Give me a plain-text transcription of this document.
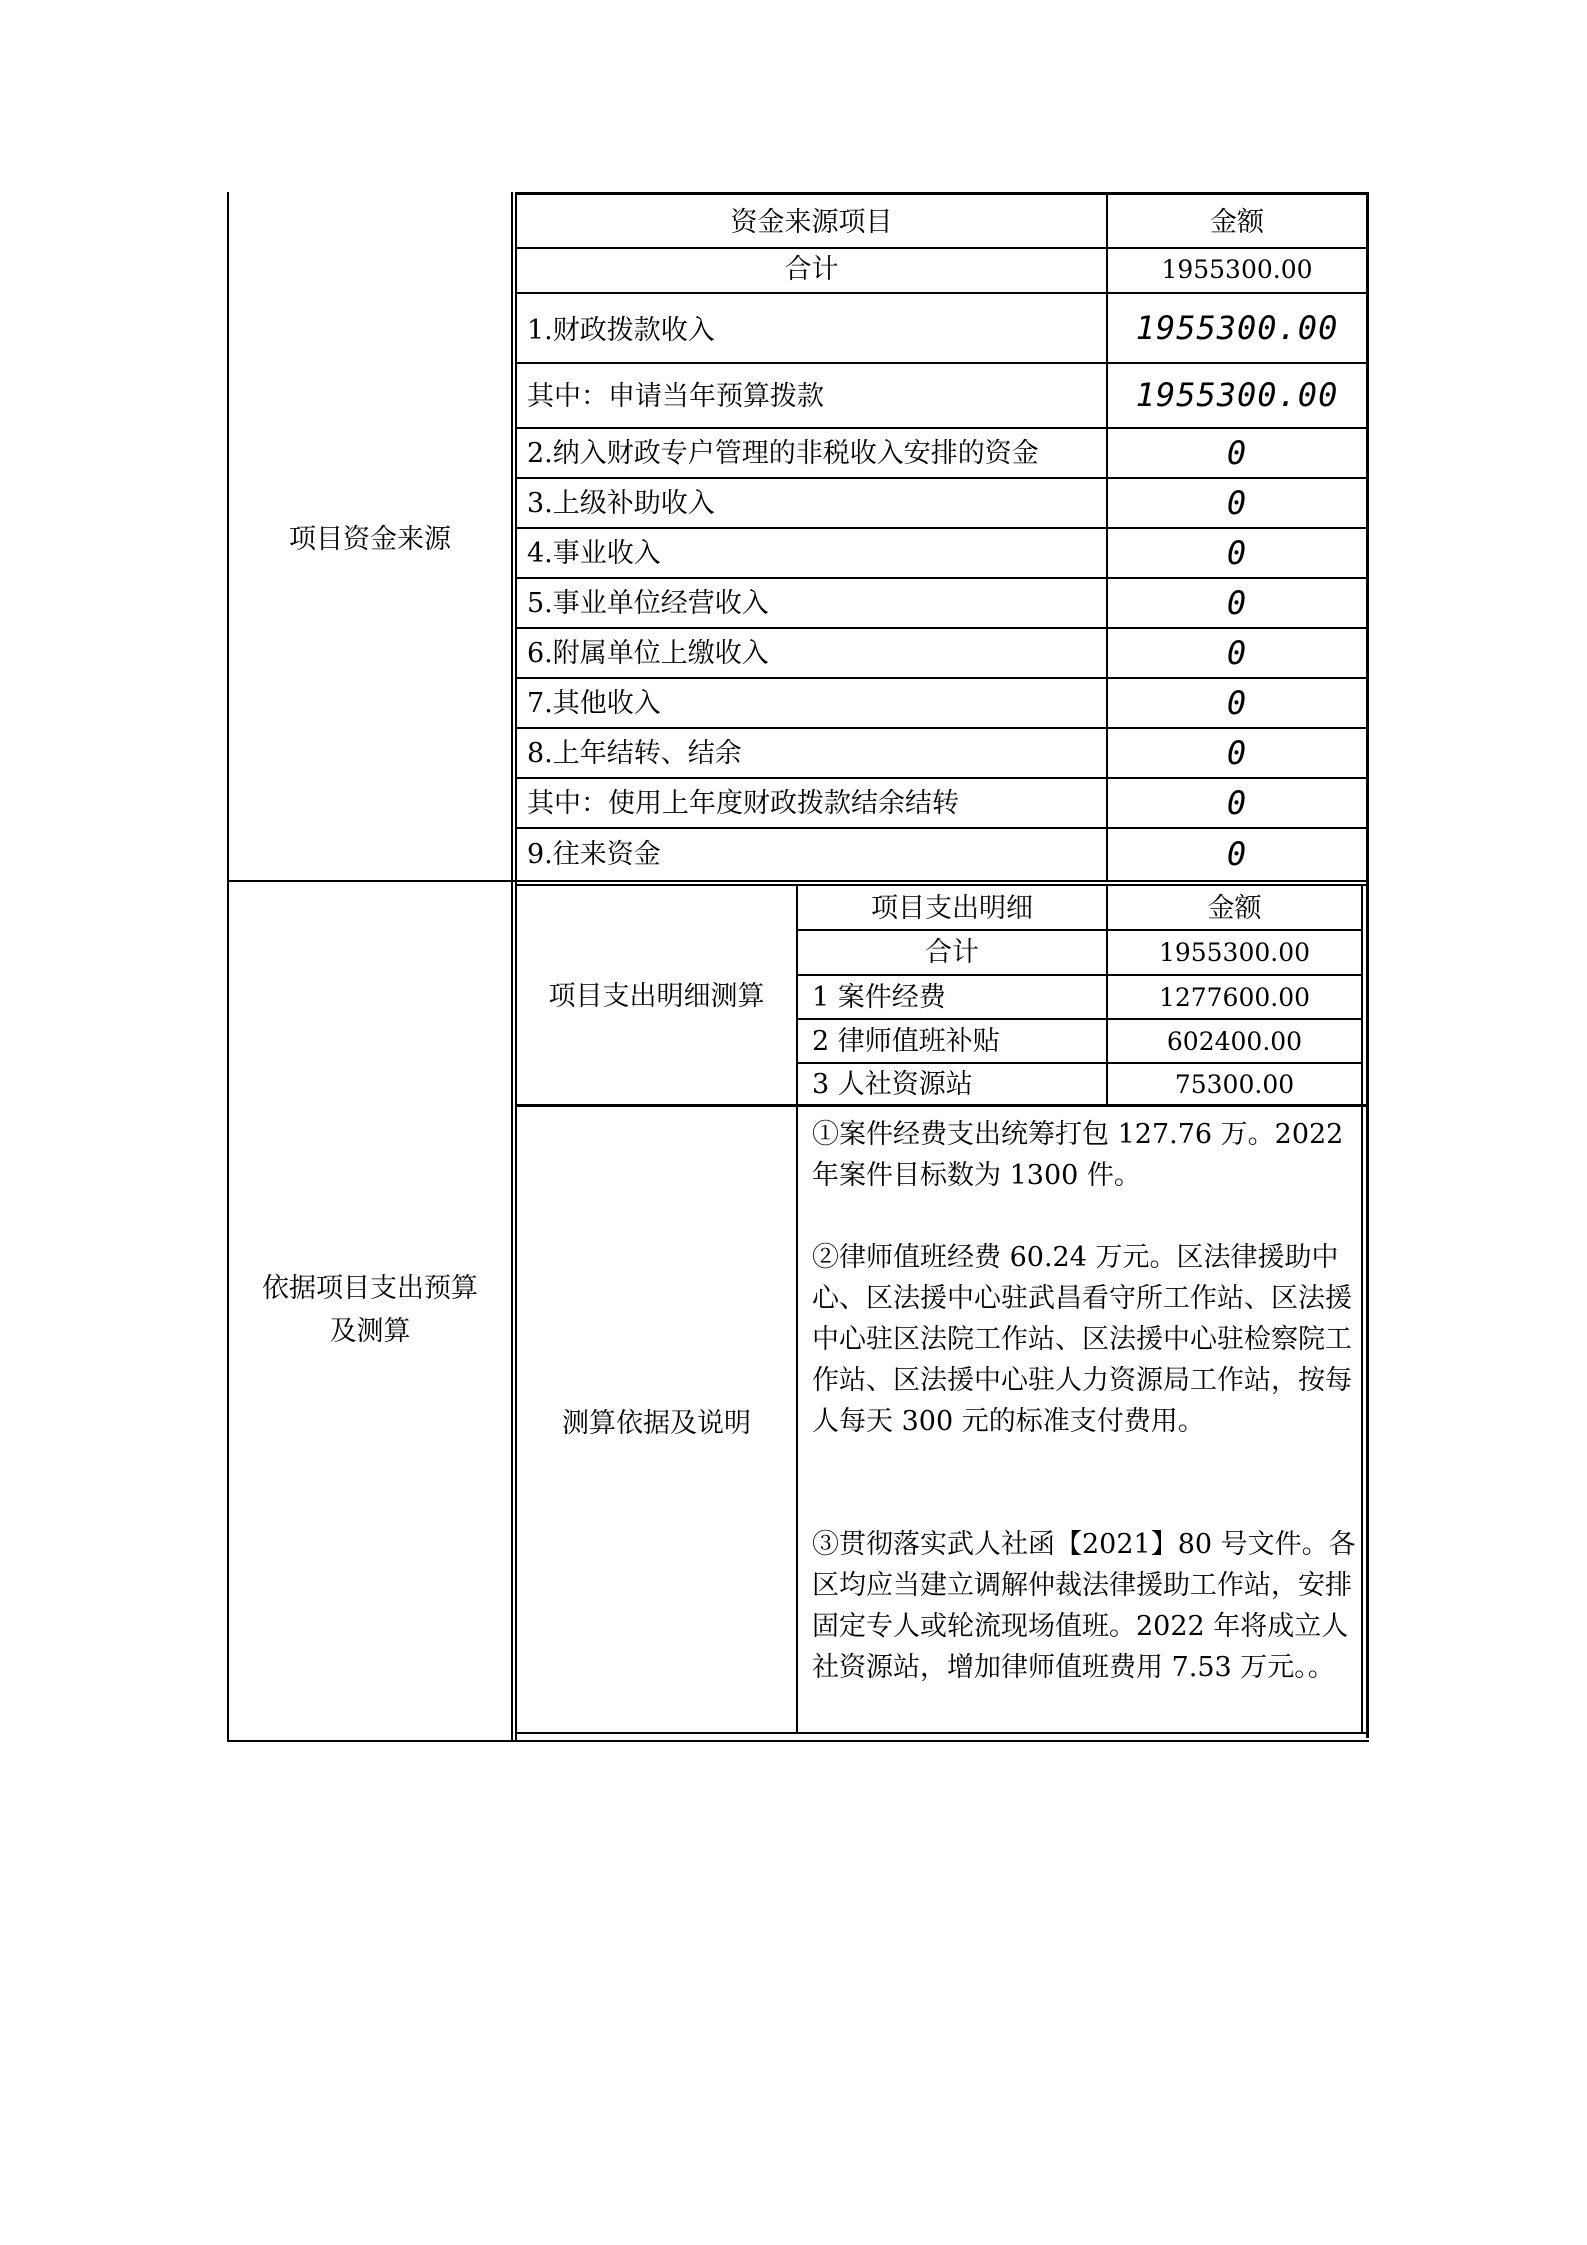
项目资金来源
资金来源项目	金额
合计	1955300.00
1.财政拨款收入	1955300.00
其中：申请当年预算拨款	1955300.00
2.纳入财政专户管理的非税收入安排的资金	0
3.上级补助收入	0
4.事业收入	0
5.事业单位经营收入	0
6.附属单位上缴收入	0
7.其他收入	0
8.上年结转、结余	0
其中：使用上年度财政拨款结余结转	0
9.往来资金	0
依据项目支出预算
及测算
项目支出明细测算
项目支出明细	金额
合计	1955300.00
1 案件经费	1277600.00
2 律师值班补贴	602400.00
3 人社资源站	75300.00
测算依据及说明
①案件经费支出统筹打包 127.76 万。2022 年案件目标数为 1300 件。
②律师值班经费 60.24 万元。区法律援助中心、区法援中心驻武昌看守所工作站、区法援中心驻区法院工作站、区法援中心驻检察院工作站、区法援中心驻人力资源局工作站，按每人每天 300 元的标准支付费用。
③贯彻落实武人社函【2021】80 号文件。各区均应当建立调解仲裁法律援助工作站，安排固定专人或轮流现场值班。2022 年将成立人社资源站，增加律师值班费用 7.53 万元。。
